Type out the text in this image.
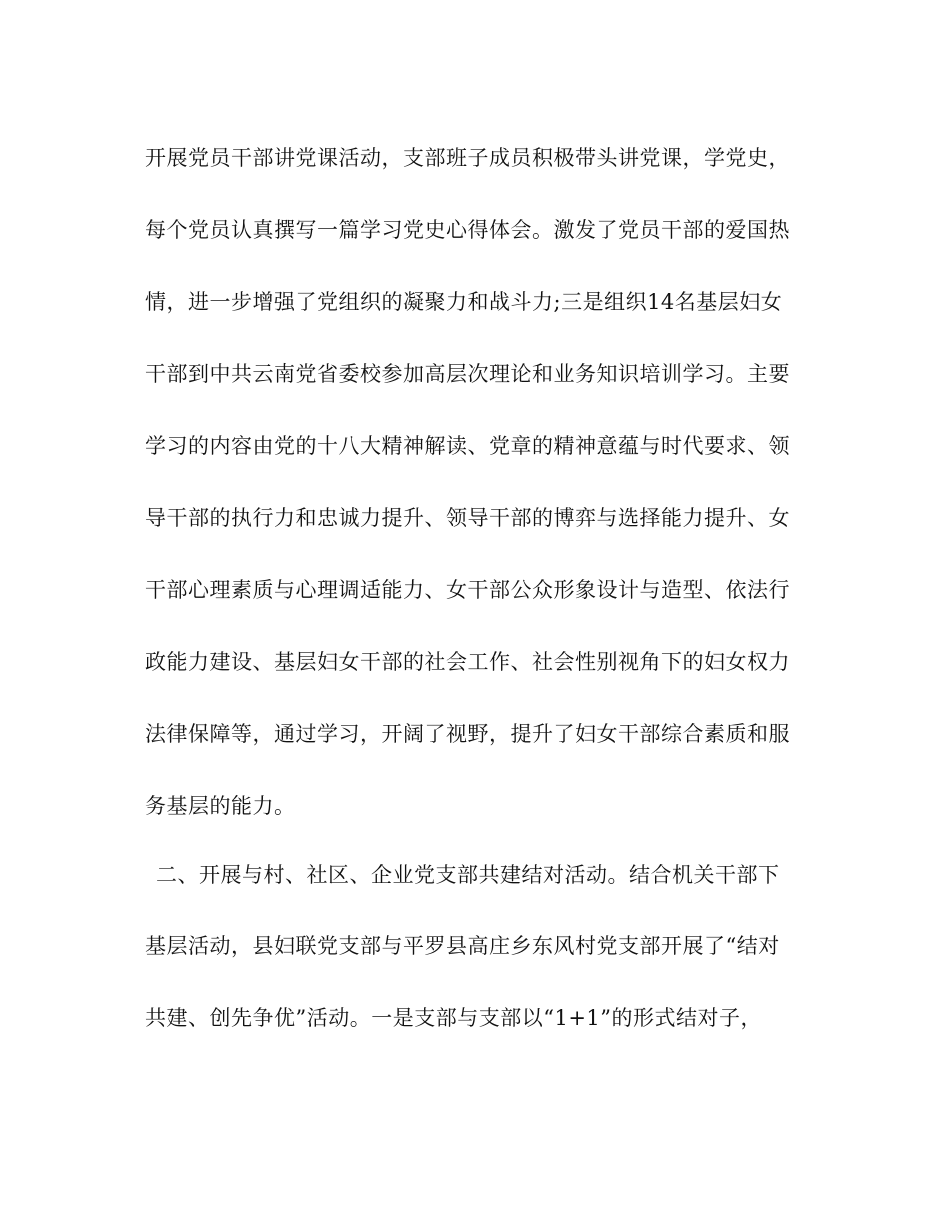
开展党员干部讲党课活动，支部班子成员积极带头讲党课，学党史，
每个党员认真撰写一篇学习党史心得体会。激发了党员干部的爱国热
情，进一步增强了党组织的凝聚力和战斗力;三是组织14名基层妇女
干部到中共云南党省委校参加高层次理论和业务知识培训学习。主要
学习的内容由党的十八大精神解读、党章的精神意蕴与时代要求、领
导干部的执行力和忠诚力提升、领导干部的博弈与选择能力提升、女
干部心理素质与心理调适能力、女干部公众形象设计与造型、依法行
政能力建设、基层妇女干部的社会工作、社会性别视角下的妇女权力
法律保障等，通过学习，开阔了视野，提升了妇女干部综合素质和服
务基层的能力。
二、开展与村、社区、企业党支部共建结对活动。结合机关干部下
基层活动，县妇联党支部与平罗县高庄乡东风村党支部开展了“结对
共建、创先争优”活动。一是支部与支部以“1+1”的形式结对子，
